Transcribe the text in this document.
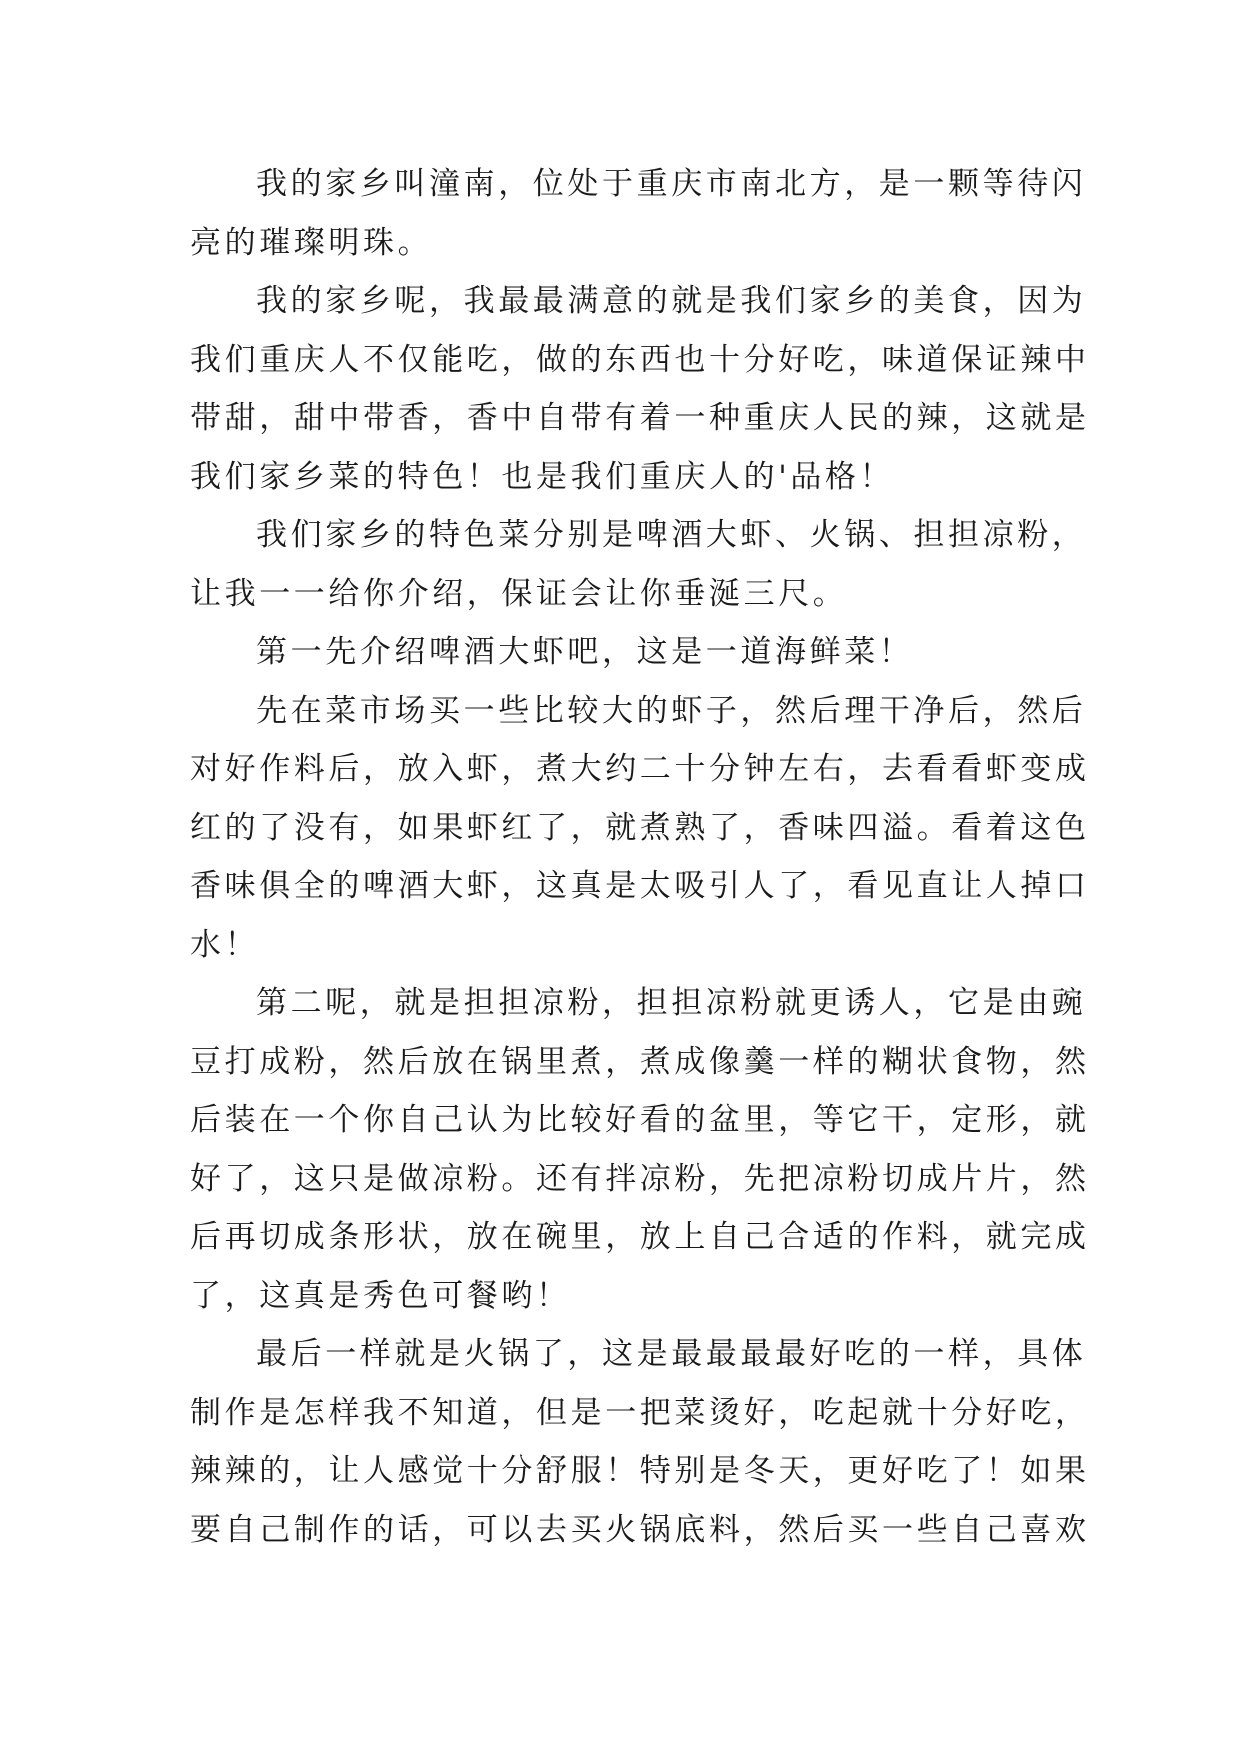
我的家乡叫潼南，位处于重庆市南北方，是一颗等待闪
亮的璀璨明珠。
我的家乡呢，我最最满意的就是我们家乡的美食，因为
我们重庆人不仅能吃，做的东西也十分好吃，味道保证辣中
带甜，甜中带香，香中自带有着一种重庆人民的辣，这就是
我们家乡菜的特色！也是我们重庆人的'品格！
我们家乡的特色菜分别是啤酒大虾、火锅、担担凉粉，
让我一一给你介绍，保证会让你垂涎三尺。
第一先介绍啤酒大虾吧，这是一道海鲜菜！
先在菜市场买一些比较大的虾子，然后理干净后，然后
对好作料后，放入虾，煮大约二十分钟左右，去看看虾变成
红的了没有，如果虾红了，就煮熟了，香味四溢。看着这色
香味俱全的啤酒大虾，这真是太吸引人了，看见直让人掉口
水！
第二呢，就是担担凉粉，担担凉粉就更诱人，它是由豌
豆打成粉，然后放在锅里煮，煮成像羹一样的糊状食物，然
后装在一个你自己认为比较好看的盆里，等它干，定形，就
好了，这只是做凉粉。还有拌凉粉，先把凉粉切成片片，然
后再切成条形状，放在碗里，放上自己合适的作料，就完成
了，这真是秀色可餐哟！
最后一样就是火锅了，这是最最最最好吃的一样，具体
制作是怎样我不知道，但是一把菜烫好，吃起就十分好吃，
辣辣的，让人感觉十分舒服！特别是冬天，更好吃了！如果
要自己制作的话，可以去买火锅底料，然后买一些自己喜欢
